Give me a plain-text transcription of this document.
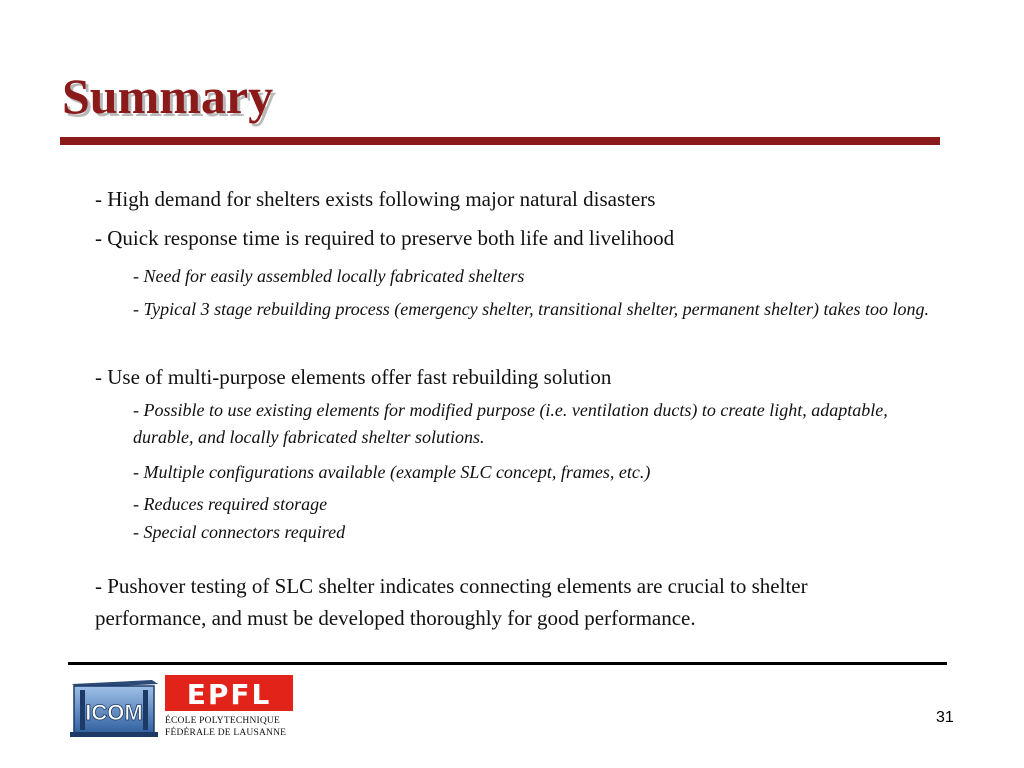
Summary

- High demand for shelters exists following major natural disasters

- Quick response time is required to preserve both life and livelihood

- Need for easily assembled locally fabricated shelters

- Typical 3 stage rebuilding process (emergency shelter, transitional shelter, permanent shelter) takes too long.

- Use of multi-purpose elements offer fast rebuilding solution

- Possible to use existing elements for modified purpose (i.e. ventilation ducts) to create light, adaptable, durable, and locally fabricated shelter solutions.

- Multiple configurations available (example SLC concept, frames, etc.)

- Reduces required storage

- Special connectors required

- Pushover testing of SLC shelter indicates connecting elements are crucial to shelter performance, and must be developed thoroughly for good performance.

ICOM
EPFL
ÉCOLE POLYTECHNIQUE
FÉDÉRALE DE LAUSANNE

31
